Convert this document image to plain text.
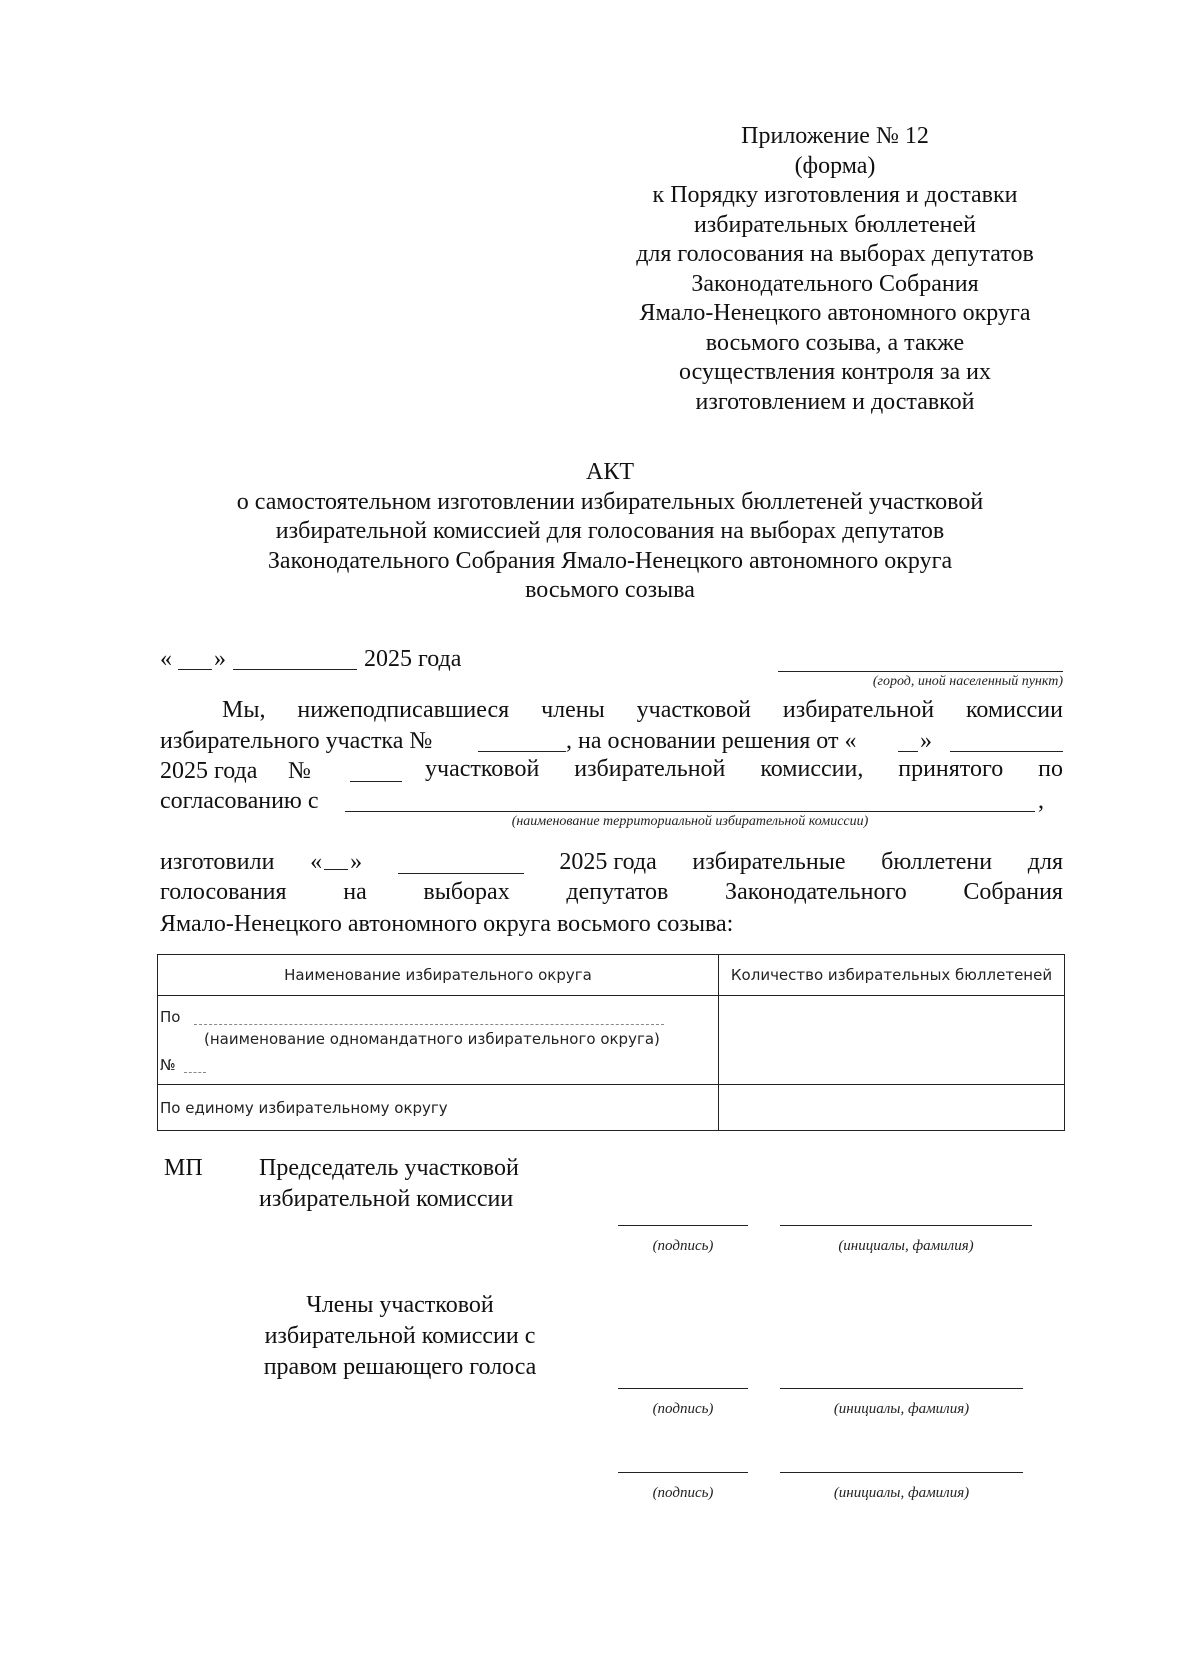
Приложение № 12
(форма)
к Порядку изготовления и доставки
избирательных бюллетеней
для голосования на выборах депутатов
Законодательного Собрания
Ямало-Ненецкого автономного округа
восьмого созыва, а также
осуществления контроля за их
изготовлением и доставкой
АКТ
о самостоятельном изготовлении избирательных бюллетеней участковой
избирательной комиссией для голосования на выборах депутатов
Законодательного Собрания Ямало-Ненецкого автономного округа
восьмого созыва
« »	2025 года
(город, иной населенный пункт)
Мы, нижеподписавшиеся члены участковой избирательной комиссии
избирательного участка №	, на основании решения от «	»
2025 года №	участковой избирательной комиссии, принятого по
согласованию с	,
(наименование территориальной избирательной комиссии)
изготовили « »	2025 года избирательные бюллетени для
голосования на выборах депутатов Законодательного Собрания
Ямало-Ненецкого автономного округа восьмого созыва:
Наименование избирательного округа	Количество избирательных бюллетеней

По
(наименование одномандатного избирательного округа)
№	

По единому избирательному округу	
МП Председатель участковой
избирательной комиссии
(подпись)	(инициалы, фамилия)
Члены участковой
избирательной комиссии с
правом решающего голоса
(подпись)	(инициалы, фамилия)
(подпись)	(инициалы, фамилия)
